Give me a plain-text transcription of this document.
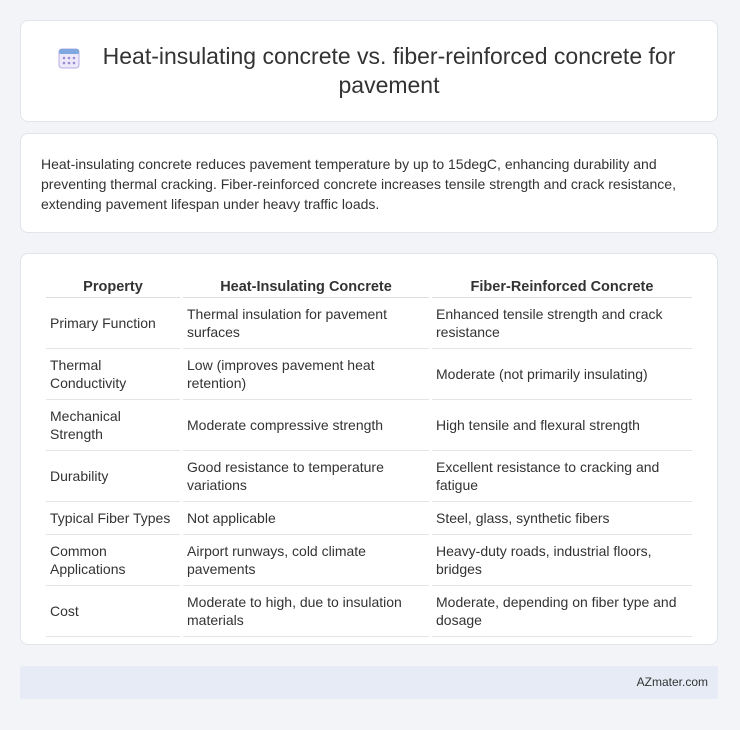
Heat-insulating concrete vs. fiber-reinforced concrete for pavement

Heat-insulating concrete reduces pavement temperature by up to 15degC, enhancing durability and preventing thermal cracking. Fiber-reinforced concrete increases tensile strength and crack resistance, extending pavement lifespan under heavy traffic loads.

Property	Heat-Insulating Concrete	Fiber-Reinforced Concrete
Primary Function	Thermal insulation for pavement surfaces	Enhanced tensile strength and crack resistance
Thermal Conductivity	Low (improves pavement heat retention)	Moderate (not primarily insulating)
Mechanical Strength	Moderate compressive strength	High tensile and flexural strength
Durability	Good resistance to temperature variations	Excellent resistance to cracking and fatigue
Typical Fiber Types	Not applicable	Steel, glass, synthetic fibers
Common Applications	Airport runways, cold climate pavements	Heavy-duty roads, industrial floors, bridges
Cost	Moderate to high, due to insulation materials	Moderate, depending on fiber type and dosage
AZmater.com
